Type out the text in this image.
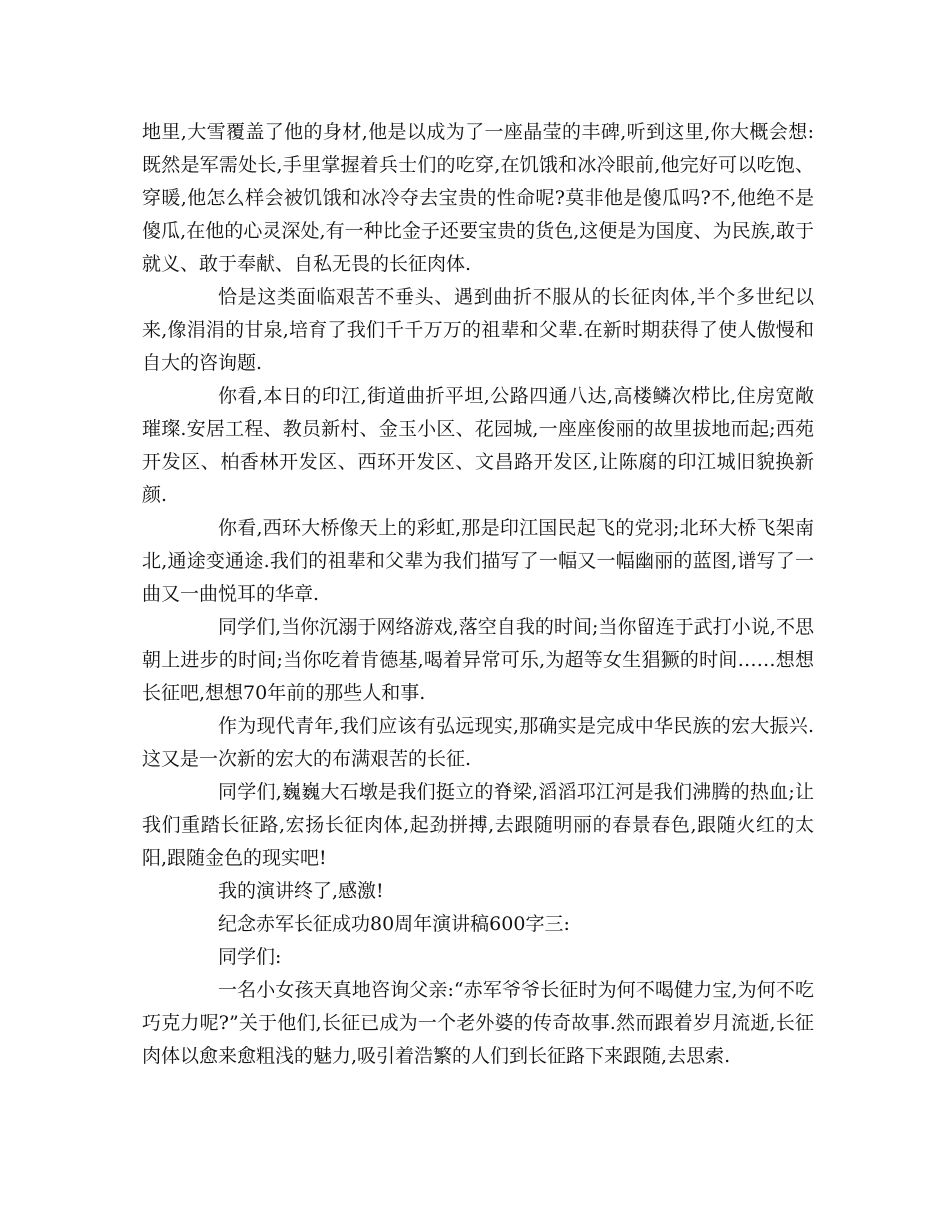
地里,大雪覆盖了他的身材,他是以成为了一座晶莹的丰碑,听到这里,你大概会想:既然是军需处长,手里掌握着兵士们的吃穿,在饥饿和冰冷眼前,他完好可以吃饱、穿暖,他怎么样会被饥饿和冰冷夺去宝贵的性命呢?莫非他是傻瓜吗?不,他绝不是傻瓜,在他的心灵深处,有一种比金子还要宝贵的货色,这便是为国度、为民族,敢于就义、敢于奉献、自私无畏的长征肉体.

恰是这类面临艰苦不垂头、遇到曲折不服从的长征肉体,半个多世纪以来,像涓涓的甘泉,培育了我们千千万万的祖辈和父辈.在新时期获得了使人傲慢和自大的咨询题.

你看,本日的印江,街道曲折平坦,公路四通八达,高楼鳞次栉比,住房宽敞璀璨.安居工程、教员新村、金玉小区、花园城,一座座俊丽的故里拔地而起;西苑开发区、柏香林开发区、西环开发区、文昌路开发区,让陈腐的印江城旧貌换新颜.

你看,西环大桥像天上的彩虹,那是印江国民起飞的党羽;北环大桥飞架南北,通途变通途.我们的祖辈和父辈为我们描写了一幅又一幅幽丽的蓝图,谱写了一曲又一曲悦耳的华章.

同学们,当你沉溺于网络游戏,落空自我的时间;当你留连于武打小说,不思朝上进步的时间;当你吃着肯德基,喝着异常可乐,为超等女生猖獗的时间……想想长征吧,想想70年前的那些人和事.

作为现代青年,我们应该有弘远现实,那确实是完成中华民族的宏大振兴.这又是一次新的宏大的布满艰苦的长征.

同学们,巍巍大石墩是我们挺立的脊梁,滔滔邛江河是我们沸腾的热血;让我们重踏长征路,宏扬长征肉体,起劲拼搏,去跟随明丽的春景春色,跟随火红的太阳,跟随金色的现实吧!

我的演讲终了,感激!

纪念赤军长征成功80周年演讲稿600字三:

同学们:

一名小女孩天真地咨询父亲:“赤军爷爷长征时为何不喝健力宝,为何不吃巧克力呢?”关于他们,长征已成为一个老外婆的传奇故事.然而跟着岁月流逝,长征肉体以愈来愈粗浅的魅力,吸引着浩繁的人们到长征路下来跟随,去思索.
